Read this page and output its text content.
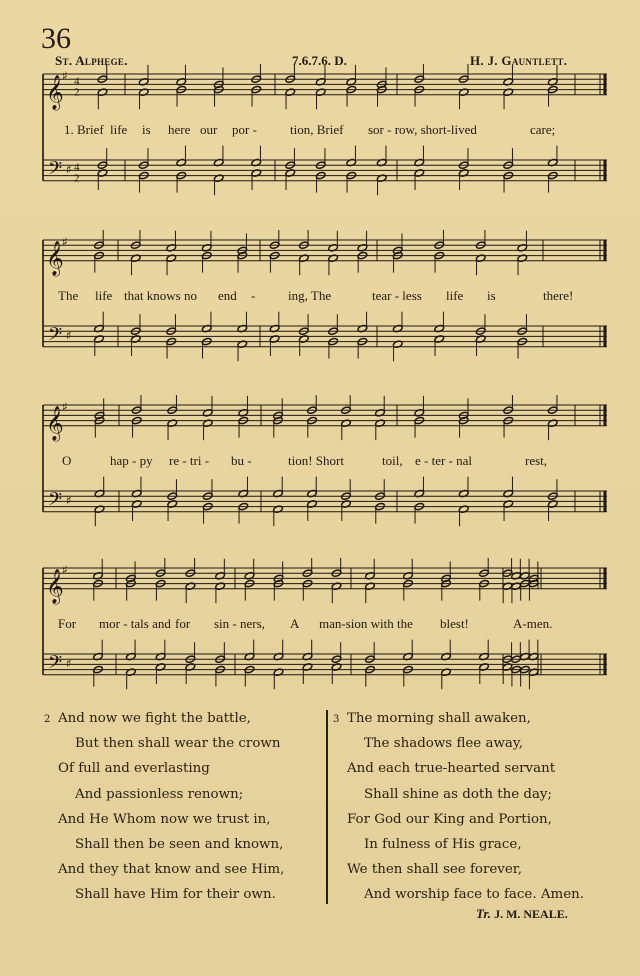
36
St. Alphege.	7.6.7.6. D.	H. J. Gauntlett.
𝄞
𝄢
♯
♯
4
2
4
2
1. Brief life is here our por -	tion, Brief sor - row, short-lived	care;
𝄞
𝄢
♯
♯
The life that knows no end -	ing, The	tear - less life is	there!
𝄞
𝄢
♯
♯
O	hap - py re - tri - bu -	tion! Short	toil, e - ter - nal	rest,
𝄞
𝄢
♯
♯
For mor - tals and for sin - ners, A man-sion with the blest!	A-men.
2 And now we fight the battle,
But then shall wear the crown
Of full and everlasting
And passionless renown;
And He Whom now we trust in,
Shall then be seen and known,
And they that know and see Him,
Shall have Him for their own.
3 The morning shall awaken,
The shadows flee away,
And each true-hearted servant
Shall shine as doth the day;
For God our King and Portion,
In fulness of His grace,
We then shall see forever,
And worship face to face. Amen.
Tr. J. M. NEALE.
